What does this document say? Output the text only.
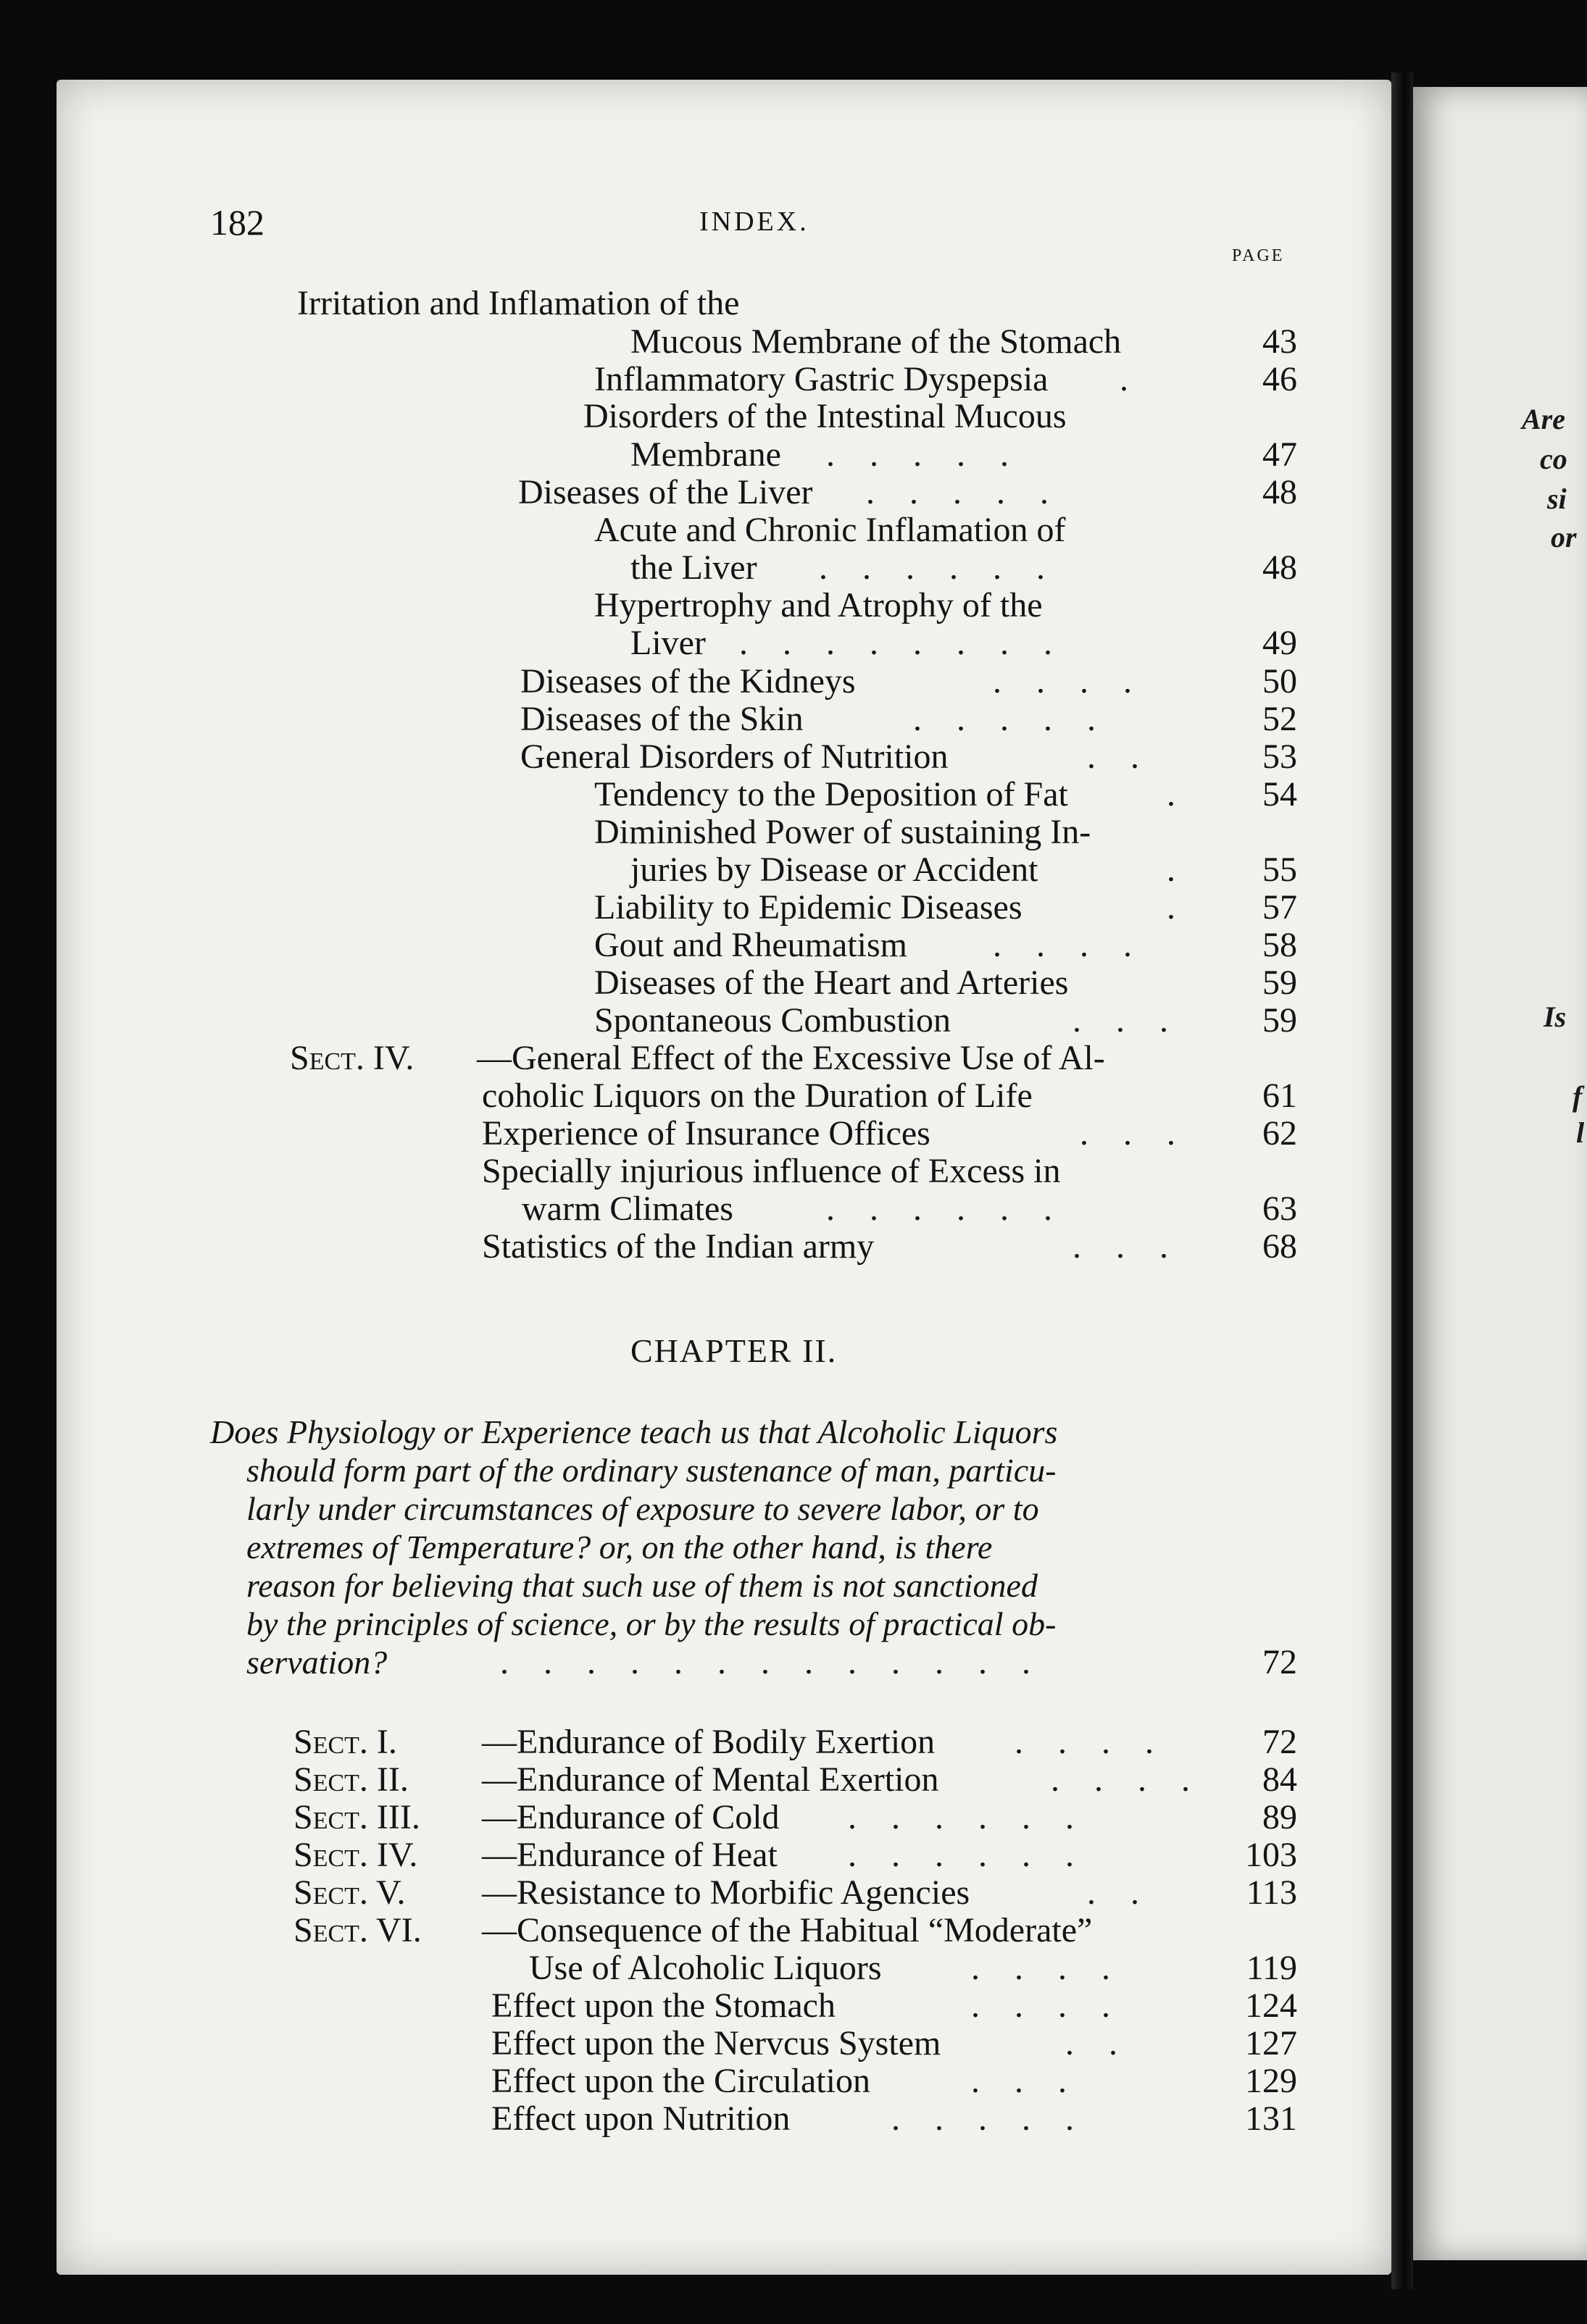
Are
co
si
or
Is
f
l
182	INDEX.
PAGE
Irritation and Inflamation of the
Mucous Membrane of the Stomach	43
Inflammatory Gastric Dyspepsia .	46
Disorders of the Intestinal Mucous
Membrane . . . . .	47
Diseases of the Liver . . . . .	48
Acute and Chronic Inflamation of
the Liver . . . . . .	48
Hypertrophy and Atrophy of the
Liver . . . . . . . .	49
Diseases of the Kidneys	. . . .	50
Diseases of the Skin	. . . . .	52
General Disorders of Nutrition	. .	53
Tendency to the Deposition of Fat	.	54
Diminished Power of sustaining In-
juries by Disease or Accident	.	55
Liability to Epidemic Diseases	.	57
Gout and Rheumatism . . . .	58
Diseases of the Heart and Arteries	59
Spontaneous Combustion	. . .	59
Sect. IV. —General Effect of the Excessive Use of Al-
coholic Liquors on the Duration of Life	61
Experience of Insurance Offices	. . .	62
Specially injurious influence of Excess in
warm Climates	. . . . . .	63
Statistics of the Indian army	. . .	68
CHAPTER II.
Does Physiology or Experience teach us that Alcoholic Liquors
should form part of the ordinary sustenance of man, particu-
larly under circumstances of exposure to severe labor, or to
extremes of Temperature? or, on the other hand, is there
reason for believing that such use of them is not sanctioned
by the principles of science, or by the results of practical ob-
servation?	. . . . . . . . . . . . .	72
Sect. I. —Endurance of Bodily Exertion . . . .	72
Sect. II. —Endurance of Mental Exertion	. . . .	84
Sect. III. —Endurance of Cold . . . . . .	89
Sect. IV. —Endurance of Heat . . . . . .	103
Sect. V. —Resistance to Morbific Agencies	. .	113
Sect. VI. —Consequence of the Habitual “Moderate”
Use of Alcoholic Liquors	. . . .	119
Effect upon the Stomach	. . . .	124
Effect upon the Nervcus System	. .	127
Effect upon the Circulation	. . .	129
Effect upon Nutrition	. . . . .	131
